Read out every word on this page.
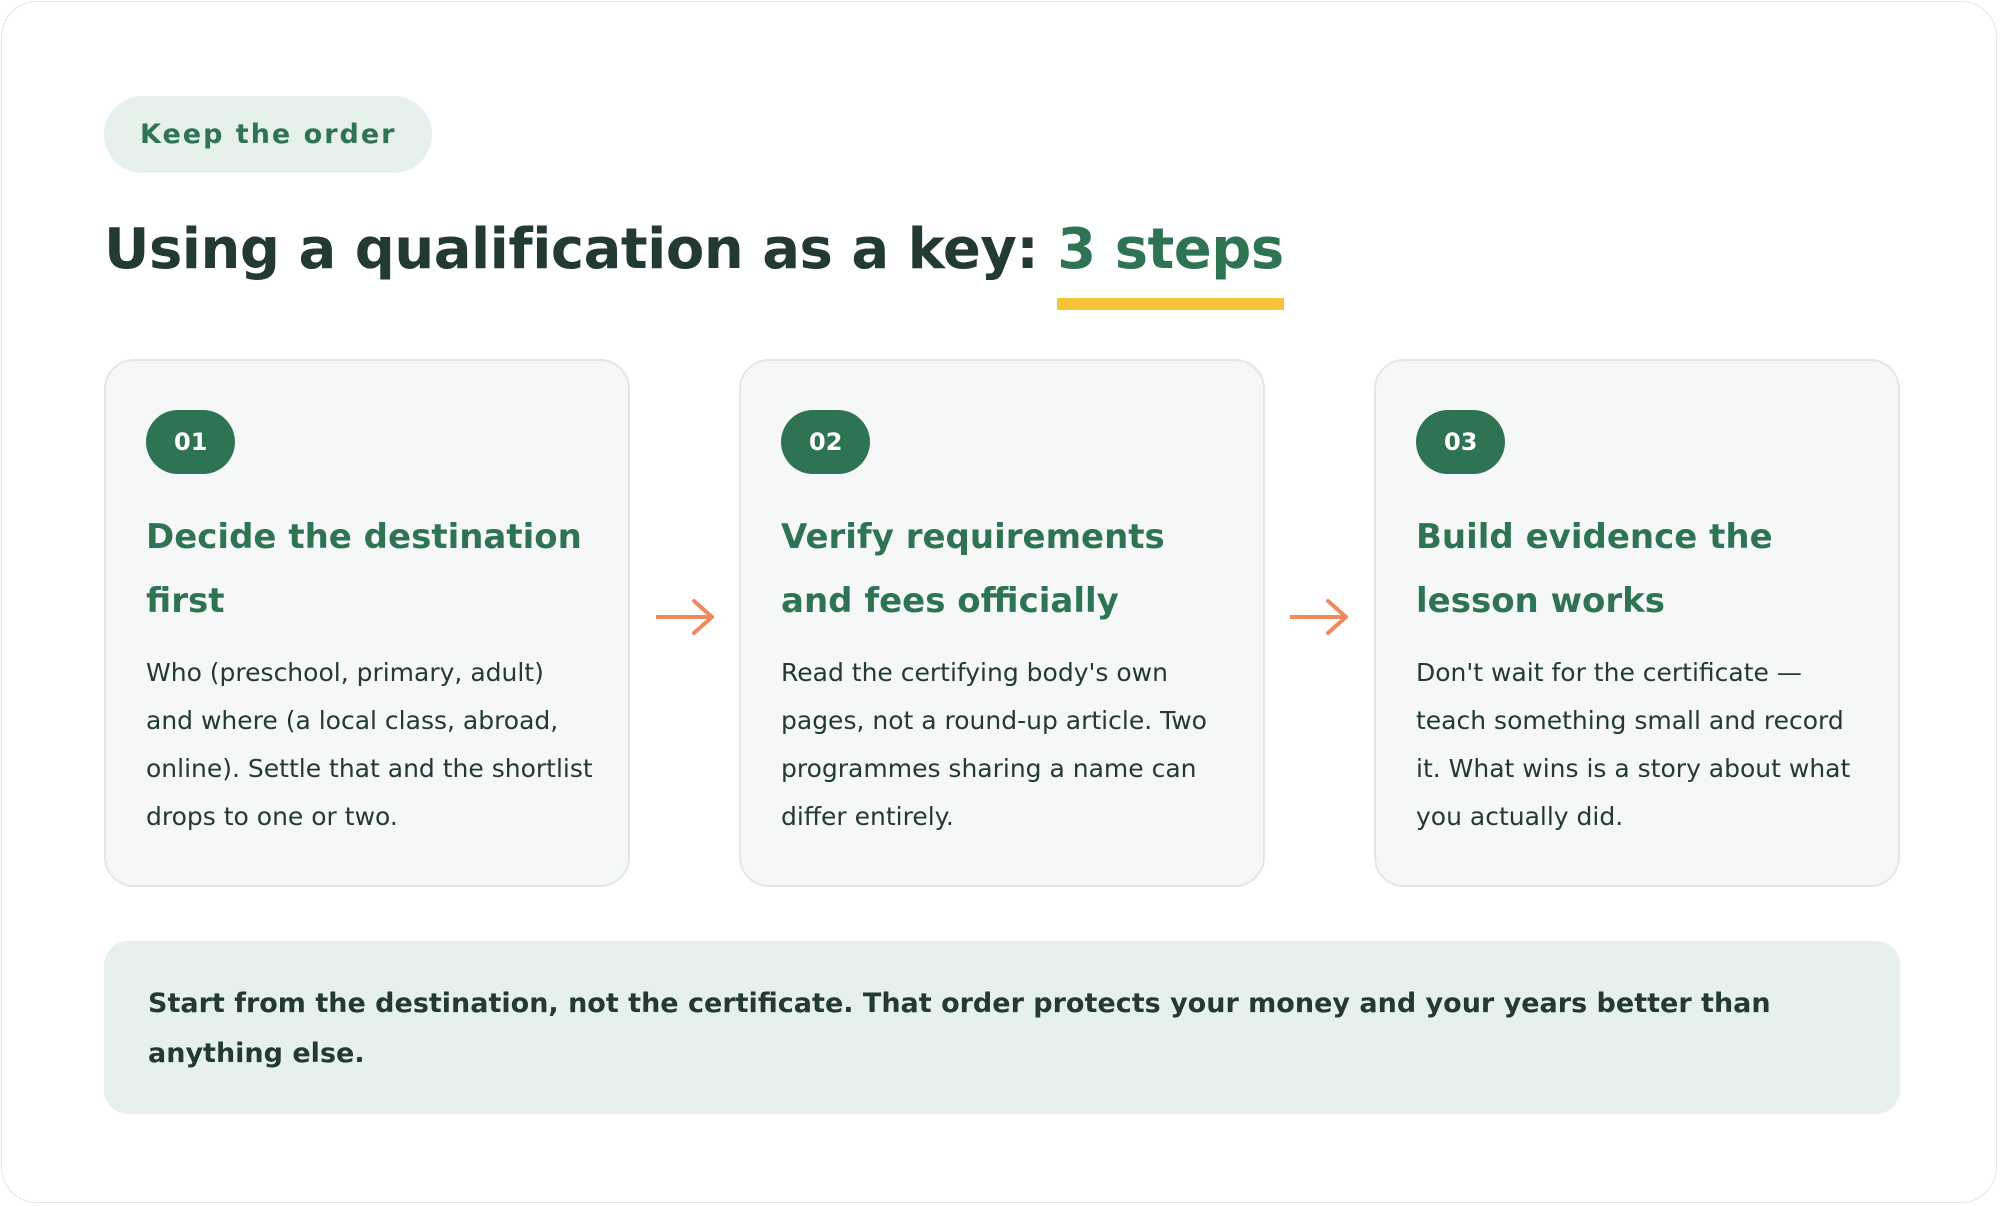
Keep the order
Using a qualification as a key: 3 steps
01
Decide the destination first

Who (preschool, primary, adult) and where (a local class, abroad, online). Settle that and the shortlist drops to one or two.

02
Verify requirements and fees officially

Read the certifying body's own pages, not a round-up article. Two programmes sharing a name can differ entirely.

03
Build evidence the lesson works

Don't wait for the certificate — teach something small and record it. What wins is a story about what you actually did.

Start from the destination, not the certificate. That order protects your money and your years better than anything else.
